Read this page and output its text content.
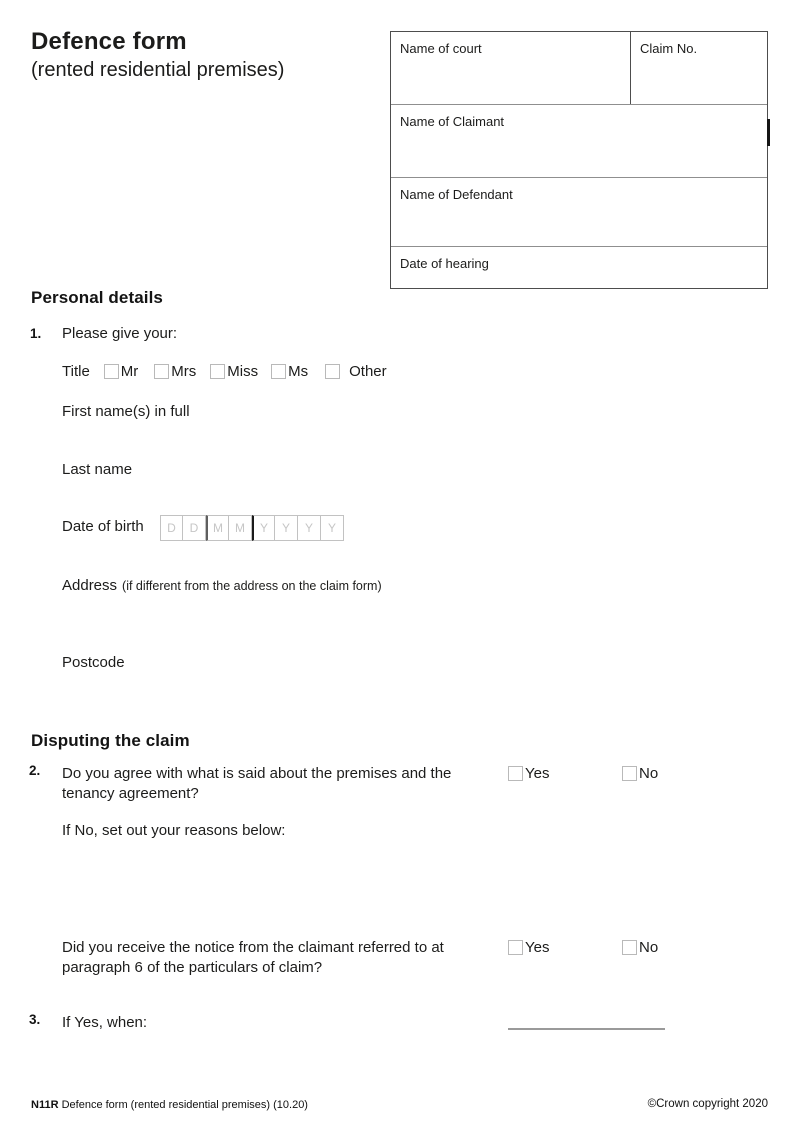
Defence form
(rented residential premises)
Name of court	Claim No.
Name of Claimant
Name of Defendant
Date of hearing
Personal details
1. Please give your:
Title Mr Mrs Miss Ms	Other
First name(s) in full
Last name
Date of birth	D	D	M	M	Y	Y	Y	Y
Address (if different from the address on the claim form)
Postcode
Disputing the claim
2. Do you agree with what is said about the premises and the tenancy agreement?
Yes	No
If No, set out your reasons below:
Did you receive the notice from the claimant referred to at paragraph 6 of the particulars of claim?
Yes	No
3. If Yes, when:
N11R Defence form (rented residential premises) (10.20)	©Crown copyright 2020
